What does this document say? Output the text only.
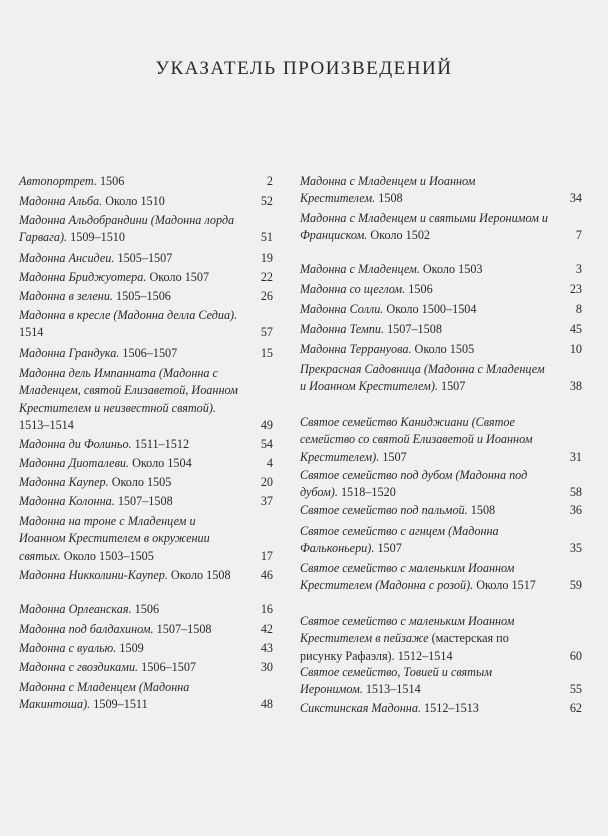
УКАЗАТЕЛЬ ПРОИЗВЕДЕНИЙ
Автопортрет. 1506	2
Мадонна Альба. Около 1510	52
Мадонна Альдобрандини (Мадонна лорда Гарвага). 1509–1510	51
Мадонна Ансидеи. 1505–1507	19
Мадонна Бриджуотера. Около 1507	22
Мадонна в зелени. 1505–1506	26
Мадонна в кресле (Мадонна делла Седиа). 1514	57
Мадонна Грандука. 1506–1507	15
Мадонна дель Импанната (Мадонна с Младенцем, святой Елизаветой, Иоанном Крестителем и неизвестной святой). 1513–1514	49
Мадонна ди Фолиньо. 1511–1512	54
Мадонна Диоталеви. Около 1504	4
Мадонна Каупер. Около 1505	20
Мадонна Колонна. 1507–1508	37
Мадонна на троне с Младенцем и Иоанном Крестителем в окружении святых. Около 1503–1505	17
Мадонна Никколини-Каупер. Около 1508	46
Мадонна Орлеанская. 1506	16
Мадонна под балдахином. 1507–1508	42
Мадонна с вуалью. 1509	43
Мадонна с гвоздиками. 1506–1507	30
Мадонна с Младенцем (Мадонна Макинтоша). 1509–1511	48
Мадонна с Младенцем и Иоанном Крестителем. 1508	34
Мадонна с Младенцем и святыми Иеронимом и Франциском. Около 1502	7
Мадонна с Младенцем. Около 1503	3
Мадонна со щеглом. 1506	23
Мадонна Солли. Около 1500–1504	8
Мадонна Темпи. 1507–1508	45
Мадонна Террануова. Около 1505	10
Прекрасная Садовница (Мадонна с Младенцем и Иоанном Крестителем). 1507	38
Святое семейство Каниджиани (Святое семейство со святой Елизаветой и Иоанном Крестителем). 1507	31
Святое семейство под дубом (Мадонна под дубом). 1518–1520	58
Святое семейство под пальмой. 1508	36
Святое семейство с агнцем (Мадонна Фальконьери). 1507	35
Святое семейство с маленьким Иоанном Крестителем (Мадонна с розой). Около 1517	59
Святое семейство с маленьким Иоанном Крестителем в пейзаже (мастерская по рисунку Рафаэля). 1512–1514	60
Святое семейство, Товией и святым Иеронимом. 1513–1514	55
Сикстинская Мадонна. 1512–1513	62
